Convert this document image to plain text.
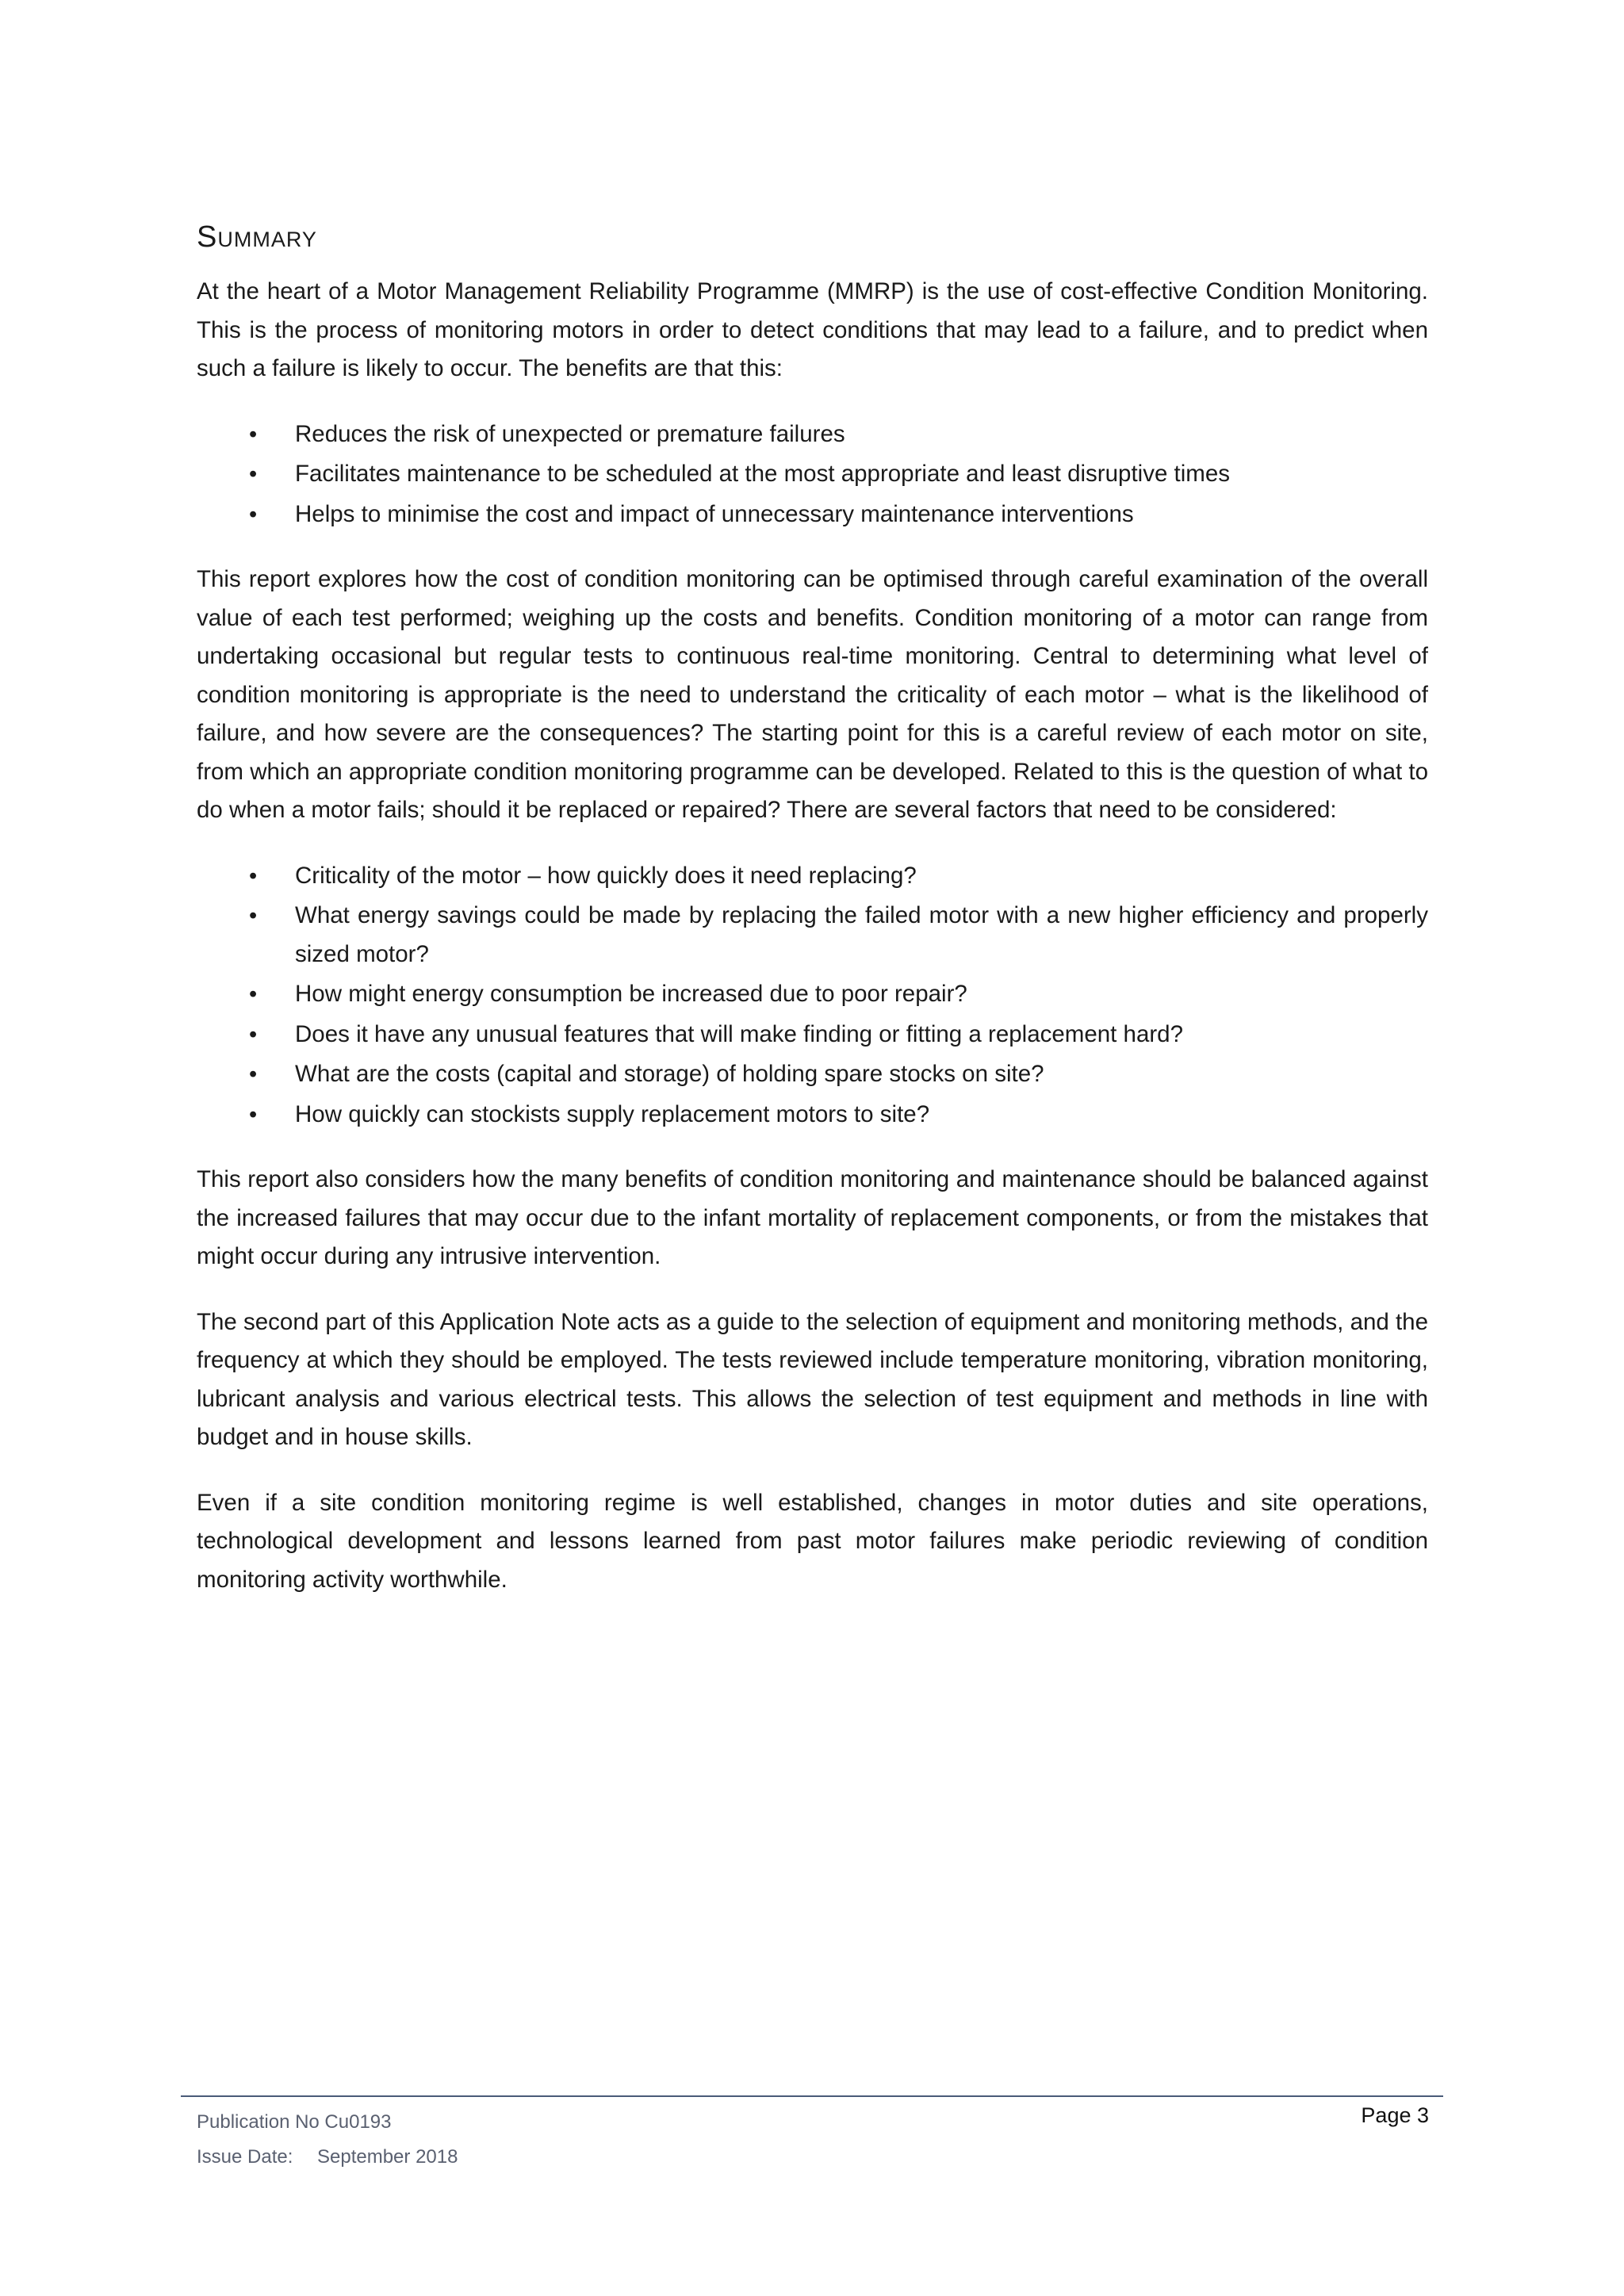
Summary

At the heart of a Motor Management Reliability Programme (MMRP) is the use of cost-effective Condition Monitoring. This is the process of monitoring motors in order to detect conditions that may lead to a failure, and to predict when such a failure is likely to occur. The benefits are that this:

• Reduces the risk of unexpected or premature failures
• Facilitates maintenance to be scheduled at the most appropriate and least disruptive times
• Helps to minimise the cost and impact of unnecessary maintenance interventions

This report explores how the cost of condition monitoring can be optimised through careful examination of the overall value of each test performed; weighing up the costs and benefits. Condition monitoring of a motor can range from undertaking occasional but regular tests to continuous real-time monitoring. Central to determining what level of condition monitoring is appropriate is the need to understand the criticality of each motor – what is the likelihood of failure, and how severe are the consequences? The starting point for this is a careful review of each motor on site, from which an appropriate condition monitoring programme can be developed. Related to this is the question of what to do when a motor fails; should it be replaced or repaired? There are several factors that need to be considered:

• Criticality of the motor – how quickly does it need replacing?
• What energy savings could be made by replacing the failed motor with a new higher efficiency and properly sized motor?
• How might energy consumption be increased due to poor repair?
• Does it have any unusual features that will make finding or fitting a replacement hard?
• What are the costs (capital and storage) of holding spare stocks on site?
• How quickly can stockists supply replacement motors to site?

This report also considers how the many benefits of condition monitoring and maintenance should be balanced against the increased failures that may occur due to the infant mortality of replacement components, or from the mistakes that might occur during any intrusive intervention.

The second part of this Application Note acts as a guide to the selection of equipment and monitoring methods, and the frequency at which they should be employed. The tests reviewed include temperature monitoring, vibration monitoring, lubricant analysis and various electrical tests. This allows the selection of test equipment and methods in line with budget and in house skills.

Even if a site condition monitoring regime is well established, changes in motor duties and site operations, technological development and lessons learned from past motor failures make periodic reviewing of condition monitoring activity worthwhile.

Publication No Cu0193
Issue Date:	September 2018
Page 3
